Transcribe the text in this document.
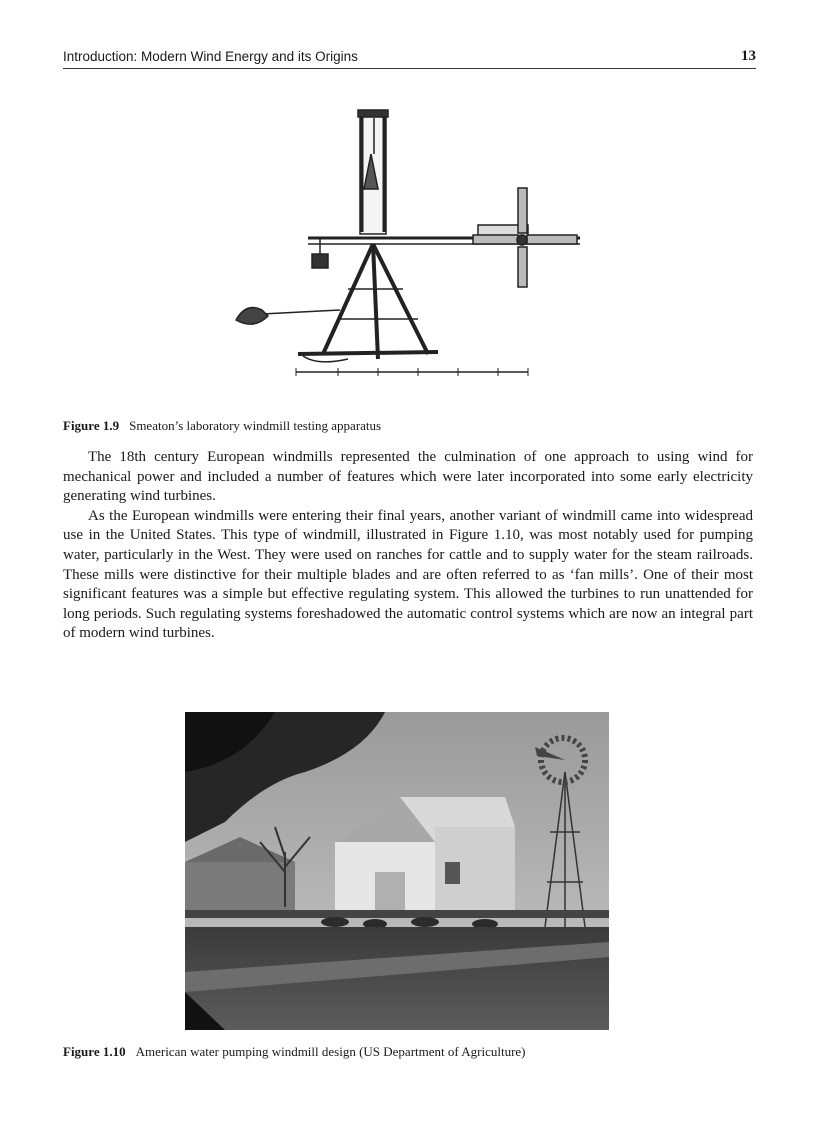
Introduction: Modern Wind Energy and its Origins	13
Figure 1.9 Smeaton’s laboratory windmill testing apparatus

The 18th century European windmills represented the culmination of one approach to using wind for mechanical power and included a number of features which were later incorporated into some early electricity generating wind turbines.

As the European windmills were entering their final years, another variant of windmill came into widespread use in the United States. This type of windmill, illustrated in Figure 1.10, was most notably used for pumping water, particularly in the West. They were used on ranches for cattle and to supply water for the steam railroads. These mills were distinctive for their multiple blades and are often referred to as ‘fan mills’. One of their most significant features was a simple but effective regulating system. This allowed the turbines to run unattended for long periods. Such regulating systems foreshadowed the automatic control systems which are now an integral part of modern wind turbines.

Figure 1.10 American water pumping windmill design (US Department of Agriculture)
